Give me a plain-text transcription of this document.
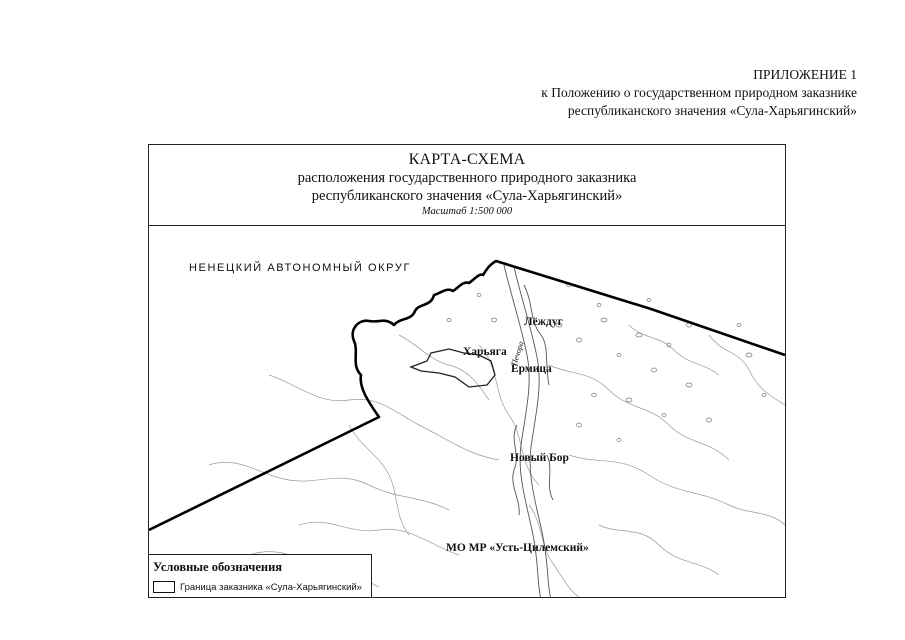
ПРИЛОЖЕНИЕ 1
к Положению о государственном природном заказнике
республиканского значения «Сула-Харьягинский»
КАРТА-СХЕМА
расположения государственного природного заказника
республиканского значения «Сула-Харьягинский»
Масштаб 1:500 000
НЕНЕЦКИЙ АВТОНОМНЫЙ ОКРУГ
Печора
Лёждуг
Харьяга
Ермица
Новый Бор
МО МР «Усть-Цилемский»
Условные обозначения
Граница заказника «Сула-Харьягинский»
